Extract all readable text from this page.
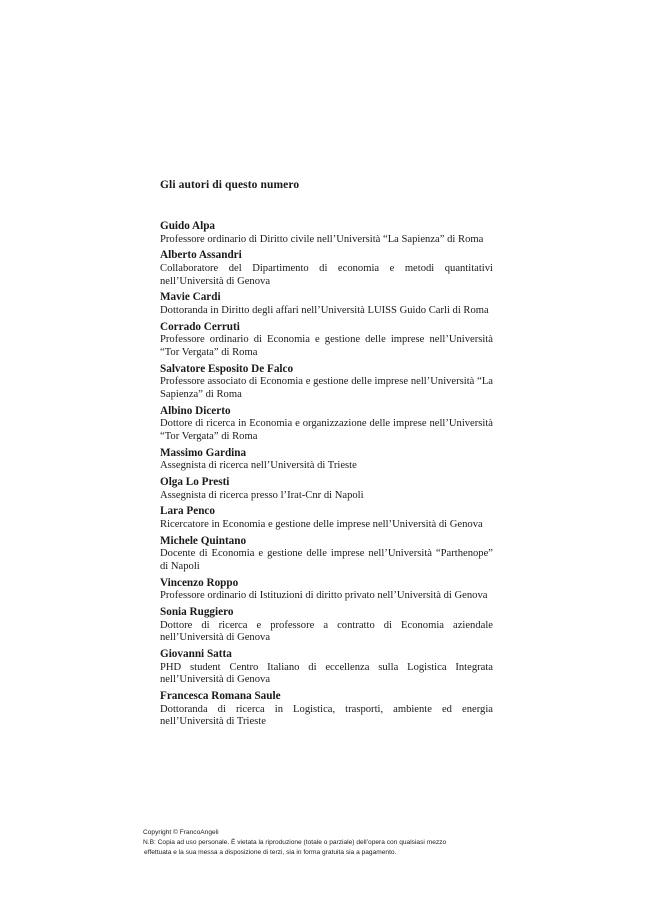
Gli autori di questo numero
Guido Alpa
Professore ordinario di Diritto civile nell’Università “La Sapienza” di Roma
Alberto Assandri
Collaboratore del Dipartimento di economia e metodi quantitativi nell’Università di Genova
Mavie Cardi
Dottoranda in Diritto degli affari nell’Università LUISS Guido Carli di Roma
Corrado Cerruti
Professore ordinario di Economia e gestione delle imprese nell’Università “Tor Vergata” di Roma
Salvatore Esposito De Falco
Professore associato di Economia e gestione delle imprese nell’Università “La Sapienza” di Roma
Albino Dicerto
Dottore di ricerca in Economia e organizzazione delle imprese nell’Università “Tor Vergata” di Roma
Massimo Gardina
Assegnista di ricerca nell’Università di Trieste
Olga Lo Presti
Assegnista di ricerca presso l’Irat-Cnr di Napoli
Lara Penco
Ricercatore in Economia e gestione delle imprese nell’Università di Genova
Michele Quintano
Docente di Economia e gestione delle imprese nell’Università “Parthenope” di Napoli
Vincenzo Roppo
Professore ordinario di Istituzioni di diritto privato nell’Università di Genova
Sonia Ruggiero
Dottore di ricerca e professore a contratto di Economia aziendale nell’Università di Genova
Giovanni Satta
PHD student Centro Italiano di eccellenza sulla Logistica Integrata nell’Università di Genova
Francesca Romana Saule
Dottoranda di ricerca in Logistica, trasporti, ambiente ed energia nell’Università di Trieste
Copyright © FrancoAngeli
N.B: Copia ad uso personale. È vietata la riproduzione (totale o parziale) dell’opera con qualsiasi mezzo
effettuata e la sua messa a disposizione di terzi, sia in forma gratuita sia a pagamento.
